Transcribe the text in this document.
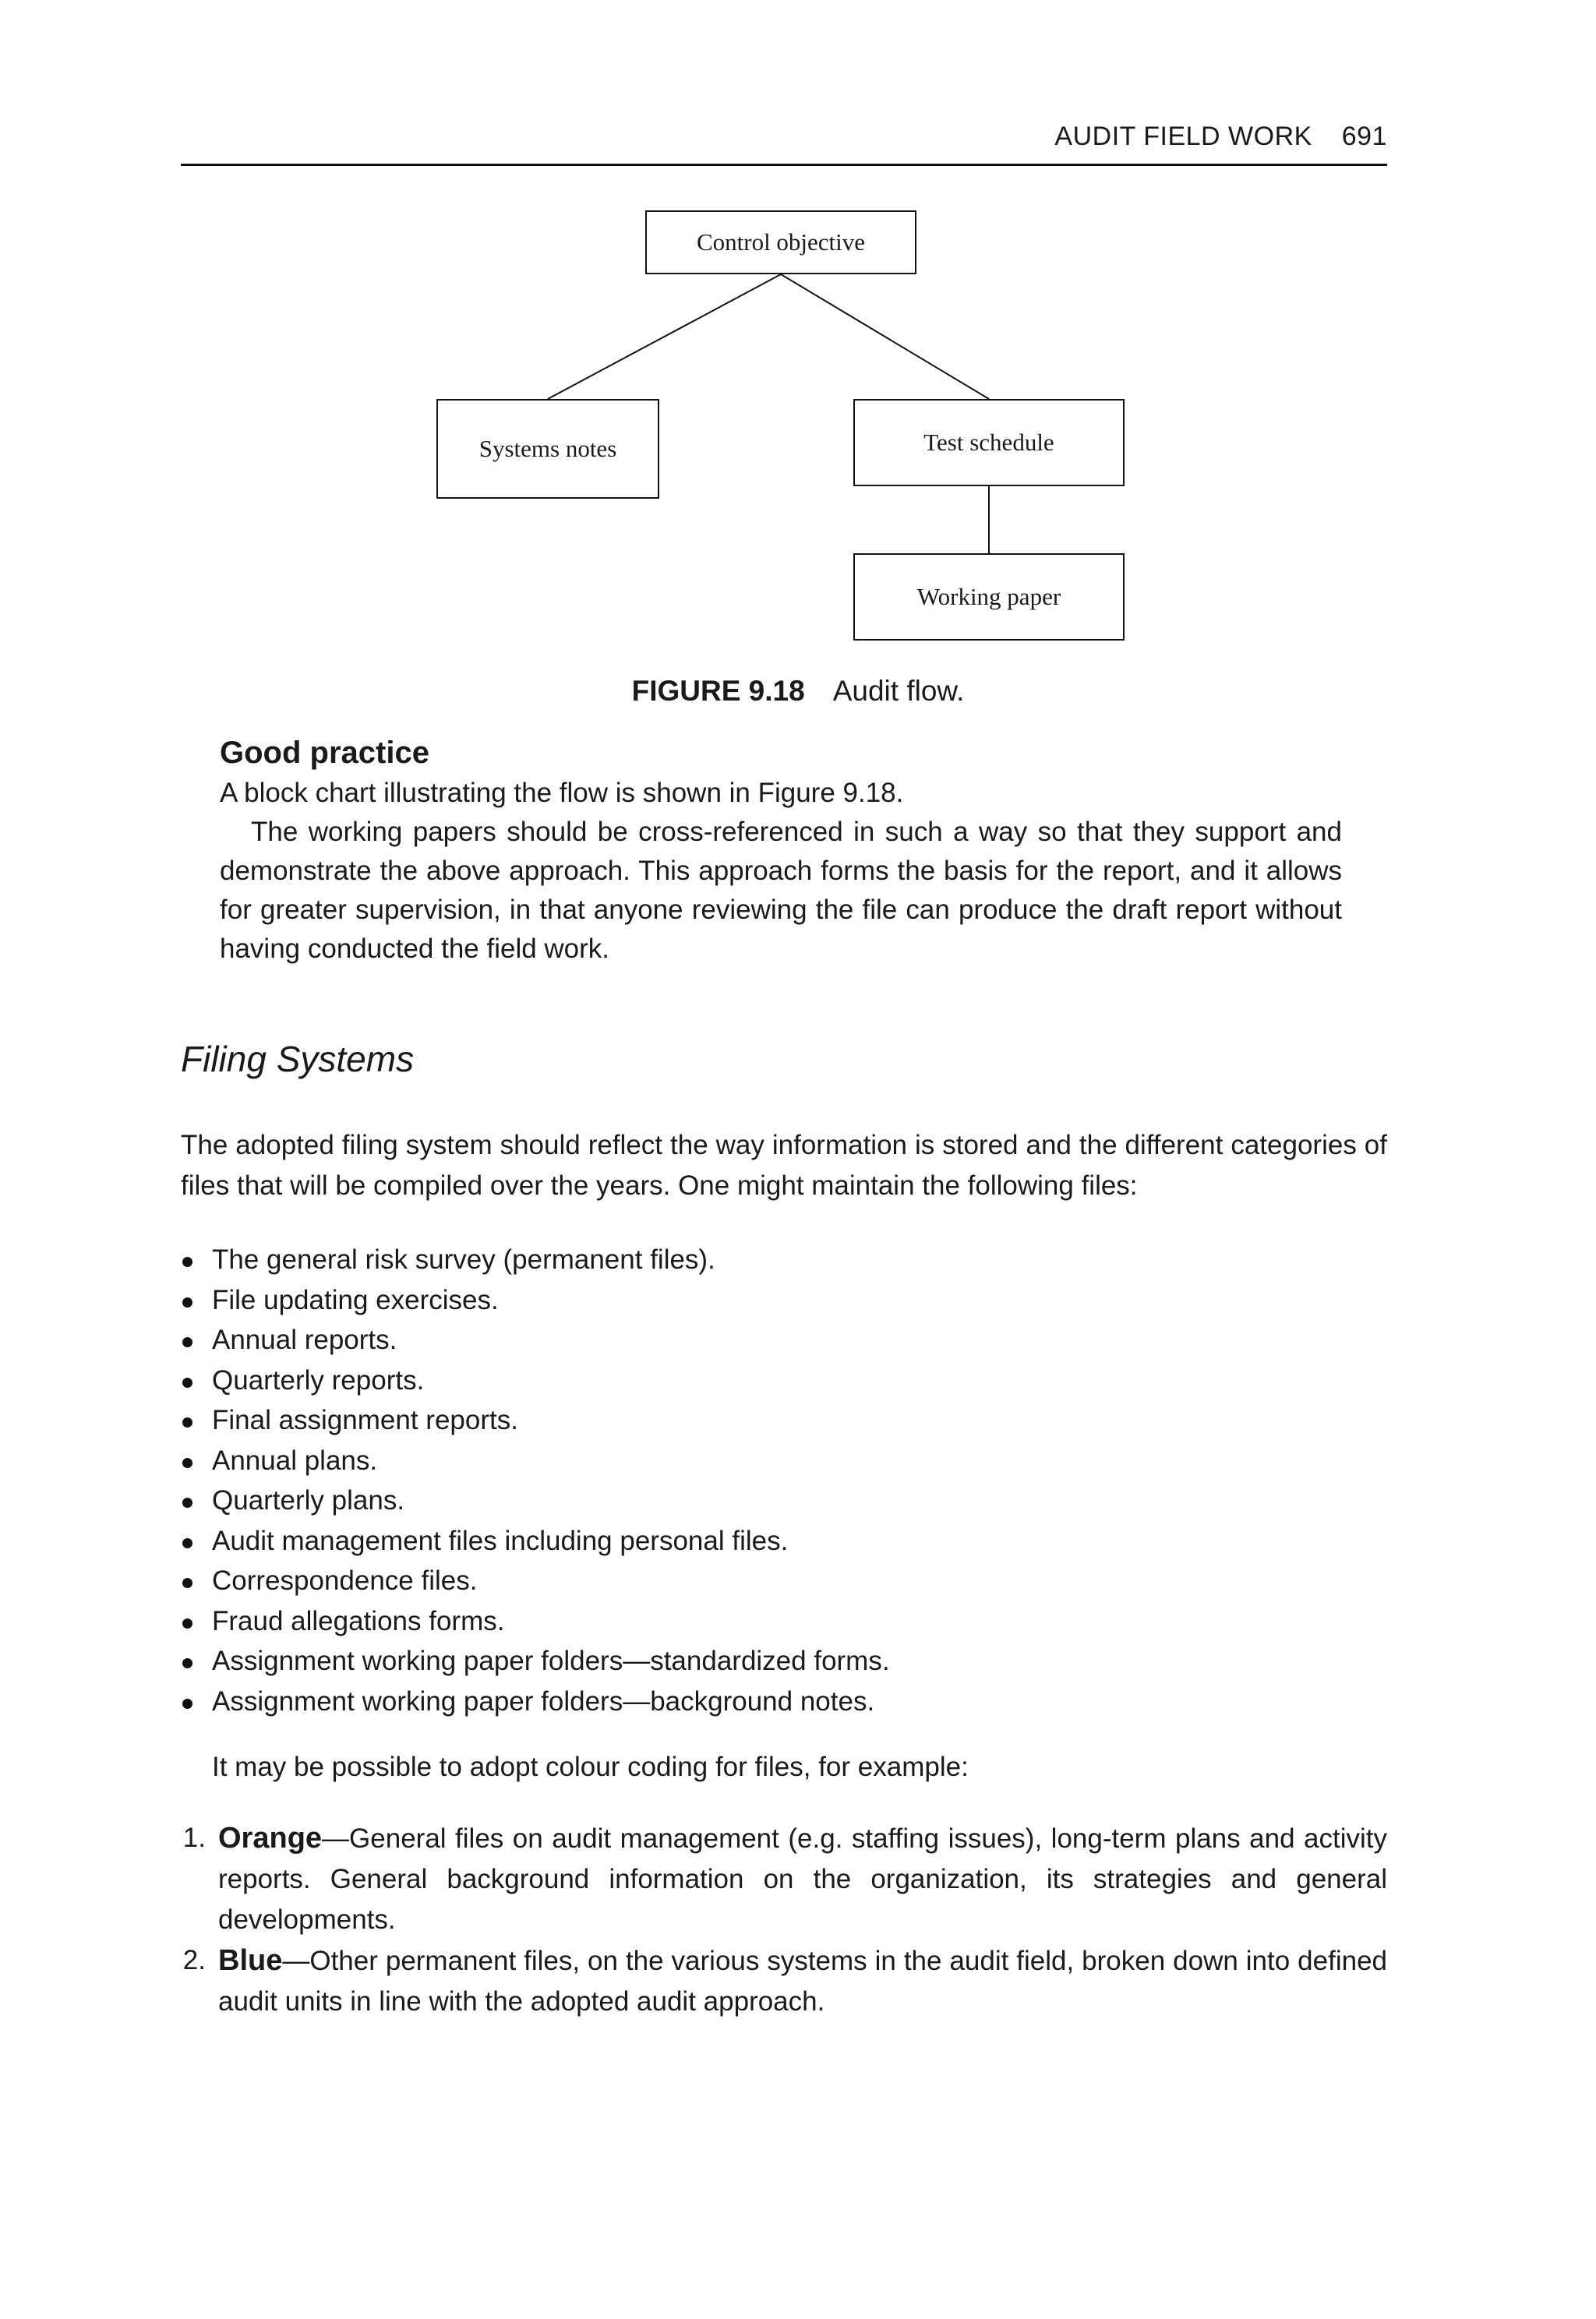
AUDIT FIELD WORK 691
Control objective
Systems notes	Test schedule
Working paper
FIGURE 9.18 Audit flow.

Good practice

A block chart illustrating the flow is shown in Figure 9.18.

The working papers should be cross-referenced in such a way so that they support and demonstrate the above approach. This approach forms the basis for the report, and it allows for greater supervision, in that anyone reviewing the file can produce the draft report without having conducted the field work.

Filing Systems

The adopted filing system should reflect the way information is stored and the different categories of files that will be compiled over the years. One might maintain the following files:

The general risk survey (permanent files).
File updating exercises.
Annual reports.
Quarterly reports.
Final assignment reports.
Annual plans.
Quarterly plans.
Audit management files including personal files.
Correspondence files.
Fraud allegations forms.
Assignment working paper folders—standardized forms.
Assignment working paper folders—background notes.

It may be possible to adopt colour coding for files, for example:

1. Orange—General files on audit management (e.g. staffing issues), long-term plans and activity reports. General background information on the organization, its strategies and general developments.
2. Blue—Other permanent files, on the various systems in the audit field, broken down into defined audit units in line with the adopted audit approach.
